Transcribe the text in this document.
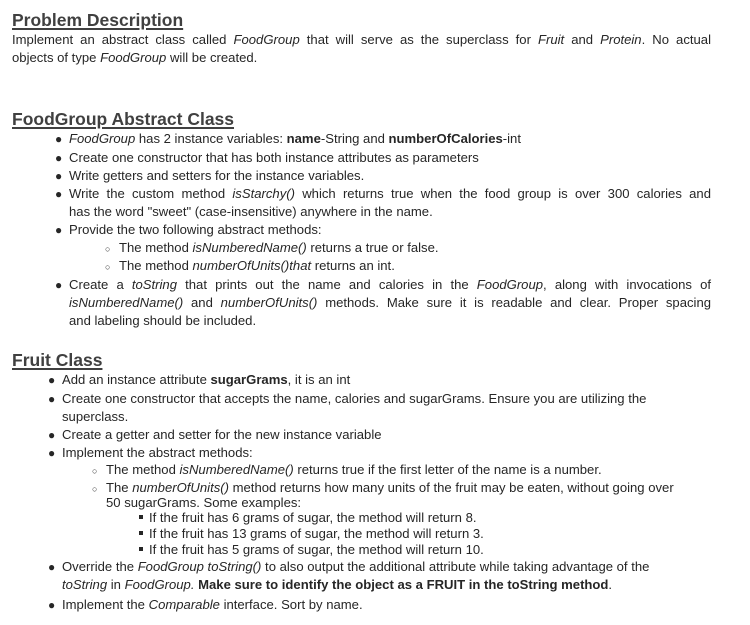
Problem Description
Implement an abstract class called FoodGroup that will serve as the superclass for Fruit and Protein. No actual
objects of type FoodGroup will be created.
FoodGroup Abstract Class
● FoodGroup has 2 instance variables: name-String and numberOfCalories-int
● Create one constructor that has both instance attributes as parameters
● Write getters and setters for the instance variables.
● Write the custom method isStarchy() which returns true when the food group is over 300 calories and
has the word "sweet" (case-insensitive) anywhere in the name.
● Provide the two following abstract methods:
○ The method isNumberedName() returns a true or false.
○ The method numberOfUnits()that returns an int.
● Create a toString that prints out the name and calories in the FoodGroup, along with invocations of
isNumberedName() and numberOfUnits() methods. Make sure it is readable and clear. Proper spacing
and labeling should be included.
Fruit Class
● Add an instance attribute sugarGrams, it is an int
● Create one constructor that accepts the name, calories and sugarGrams. Ensure you are utilizing the
superclass.
● Create a getter and setter for the new instance variable
● Implement the abstract methods:
○ The method isNumberedName() returns true if the first letter of the name is a number.
○ The numberOfUnits() method returns how many units of the fruit may be eaten, without going over
50 sugarGrams. Some examples:
If the fruit has 6 grams of sugar, the method will return 8.
If the fruit has 13 grams of sugar, the method will return 3.
If the fruit has 5 grams of sugar, the method will return 10.
● Override the FoodGroup toString() to also output the additional attribute while taking advantage of the
toString in FoodGroup. Make sure to identify the object as a FRUIT in the toString method.
● Implement the Comparable interface. Sort by name.
